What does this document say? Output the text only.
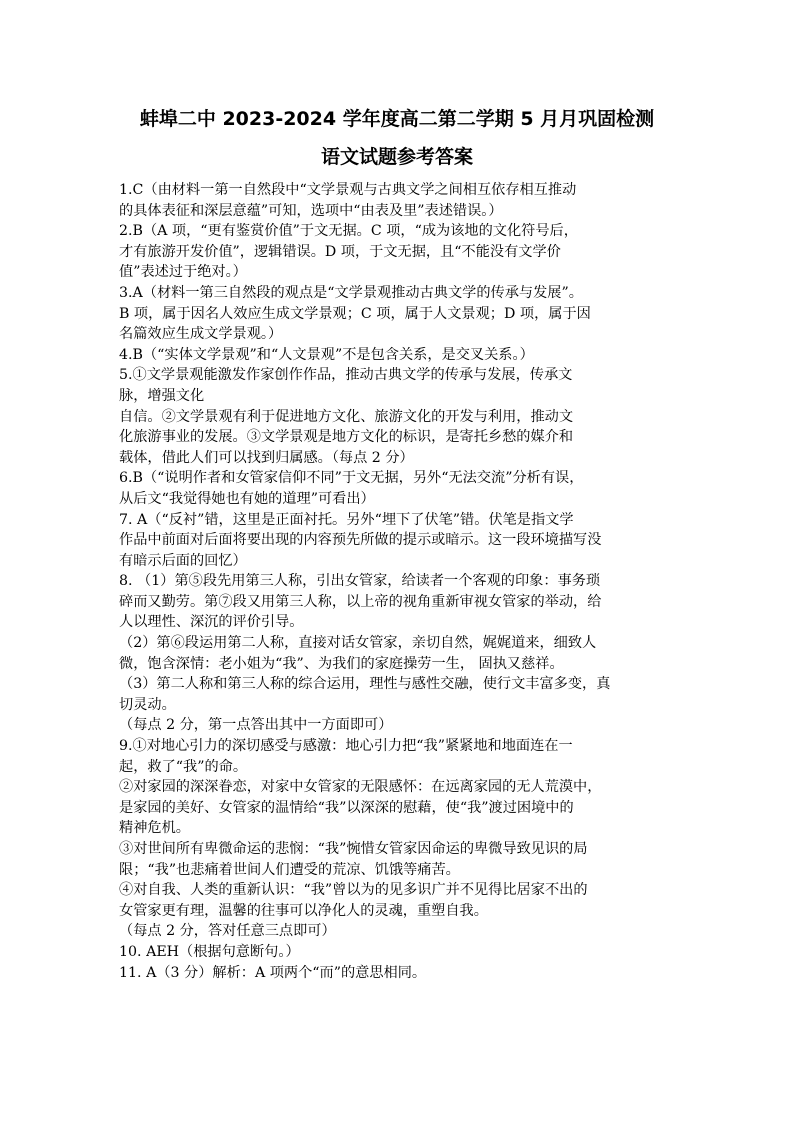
蚌埠二中 2023-2024 学年度高二第二学期 5 月月巩固检测
语文试题参考答案
1.C（由材料一第一自然段中“文学景观与古典文学之间相互依存相互推动
的具体表征和深层意蕴”可知，选项中“由表及里”表述错误。）
2.B（A 项，“更有鉴赏价值”于文无据。C 项，“成为该地的文化符号后，
才有旅游开发价值”，逻辑错误。D 项，于文无据，且“不能没有文学价
值”表述过于绝对。）
3.A（材料一第三自然段的观点是“文学景观推动古典文学的传承与发展”。
B 项，属于因名人效应生成文学景观；C 项，属于人文景观；D 项，属于因
名篇效应生成文学景观。）
4.B（“实体文学景观”和“人文景观”不是包含关系，是交叉关系。）
5.①文学景观能激发作家创作作品，推动古典文学的传承与发展，传承文
脉，增强文化
自信。②文学景观有利于促进地方文化、旅游文化的开发与利用，推动文
化旅游事业的发展。③文学景观是地方文化的标识，是寄托乡愁的媒介和
载体，借此人们可以找到归属感。（每点 2 分）
6.B（“说明作者和女管家信仰不同”于文无据，另外“无法交流”分析有误，
从后文“我觉得她也有她的道理”可看出）
7. A（“反衬”错，这里是正面衬托。另外“埋下了伏笔”错。伏笔是指文学
作品中前面对后面将要出现的内容预先所做的提示或暗示。这一段环境描写没
有暗示后面的回忆）
8. （1）第⑤段先用第三人称，引出女管家，给读者一个客观的印象：事务琐
碎而又勤劳。第⑦段又用第三人称，以上帝的视角重新审视女管家的举动，给
人以理性、深沉的评价引导。
（2）第⑥段运用第二人称，直接对话女管家，亲切自然，娓娓道来，细致人
微，饱含深情：老小姐为“我”、为我们的家庭操劳一生， 固执又慈祥。
（3）第二人称和第三人称的综合运用，理性与感性交融，使行文丰富多变，真
切灵动。
（每点 2 分，第一点答出其中一方面即可）
9.①对地心引力的深切感受与感激：地心引力把“我”紧紧地和地面连在一
起，救了“我”的命。
②对家园的深深眷恋，对家中女管家的无限感怀：在远离家园的无人荒漠中，
是家园的美好、女管家的温情给“我”以深深的慰藉，使“我”渡过困境中的
精神危机。
③对世间所有卑微命运的悲悯：“我”惋惜女管家因命运的卑微导致见识的局
限；“我”也悲痛着世间人们遭受的荒凉、饥饿等痛苦。
④对自我、人类的重新认识：“我”曾以为的见多识广并不见得比居家不出的
女管家更有理，温馨的往事可以净化人的灵魂，重塑自我。
（每点 2 分，答对任意三点即可）
10. AEH（根据句意断句。）
11. A（3 分）解析：A 项两个“而”的意思相同。
